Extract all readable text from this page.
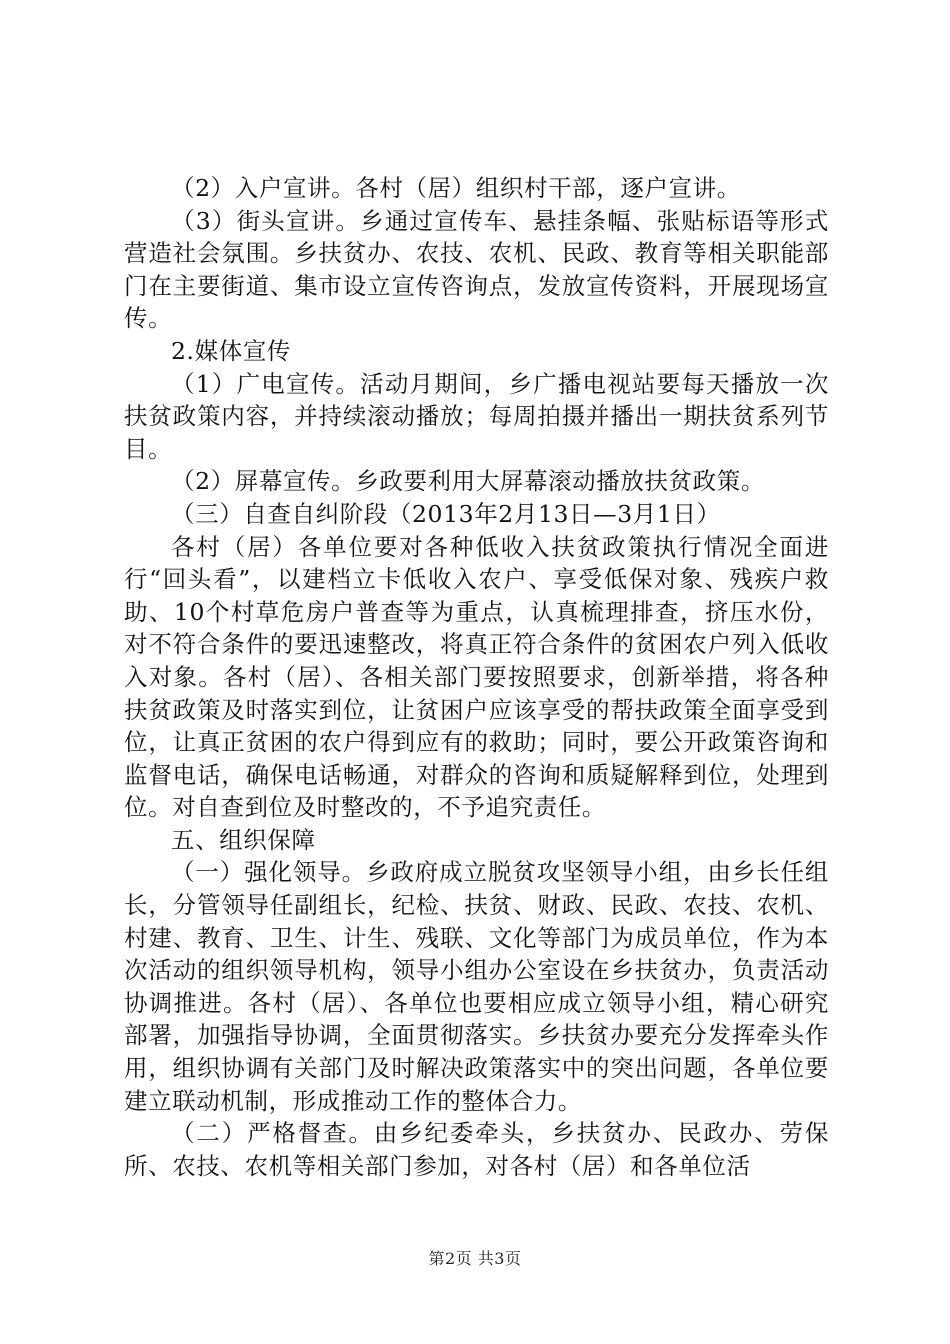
（2）入户宣讲。各村（居）组织村干部，逐户宣讲。

（3）街头宣讲。乡通过宣传车、悬挂条幅、张贴标语等形式营造社会氛围。乡扶贫办、农技、农机、民政、教育等相关职能部门在主要街道、集市设立宣传咨询点，发放宣传资料，开展现场宣传。

2.媒体宣传

（1）广电宣传。活动月期间，乡广播电视站要每天播放一次扶贫政策内容，并持续滚动播放；每周拍摄并播出一期扶贫系列节目。

（2）屏幕宣传。乡政要利用大屏幕滚动播放扶贫政策。

（三）自查自纠阶段（2013年2月13日—3月1日）

各村（居）各单位要对各种低收入扶贫政策执行情况全面进行“回头看”，以建档立卡低收入农户、享受低保对象、残疾户救助、10个村草危房户普查等为重点，认真梳理排查，挤压水份，对不符合条件的要迅速整改，将真正符合条件的贫困农户列入低收入对象。各村（居）、各相关部门要按照要求，创新举措，将各种扶贫政策及时落实到位，让贫困户应该享受的帮扶政策全面享受到位，让真正贫困的农户得到应有的救助；同时，要公开政策咨询和监督电话，确保电话畅通，对群众的咨询和质疑解释到位，处理到位。对自查到位及时整改的，不予追究责任。

五、组织保障

（一）强化领导。乡政府成立脱贫攻坚领导小组，由乡长任组长，分管领导任副组长，纪检、扶贫、财政、民政、农技、农机、村建、教育、卫生、计生、残联、文化等部门为成员单位，作为本次活动的组织领导机构，领导小组办公室设在乡扶贫办，负责活动协调推进。各村（居）、各单位也要相应成立领导小组，精心研究部署，加强指导协调，全面贯彻落实。乡扶贫办要充分发挥牵头作用，组织协调有关部门及时解决政策落实中的突出问题，各单位要建立联动机制，形成推动工作的整体合力。

（二）严格督查。由乡纪委牵头，乡扶贫办、民政办、劳保所、农技、农机等相关部门参加，对各村（居）和各单位活

第2页 共3页
